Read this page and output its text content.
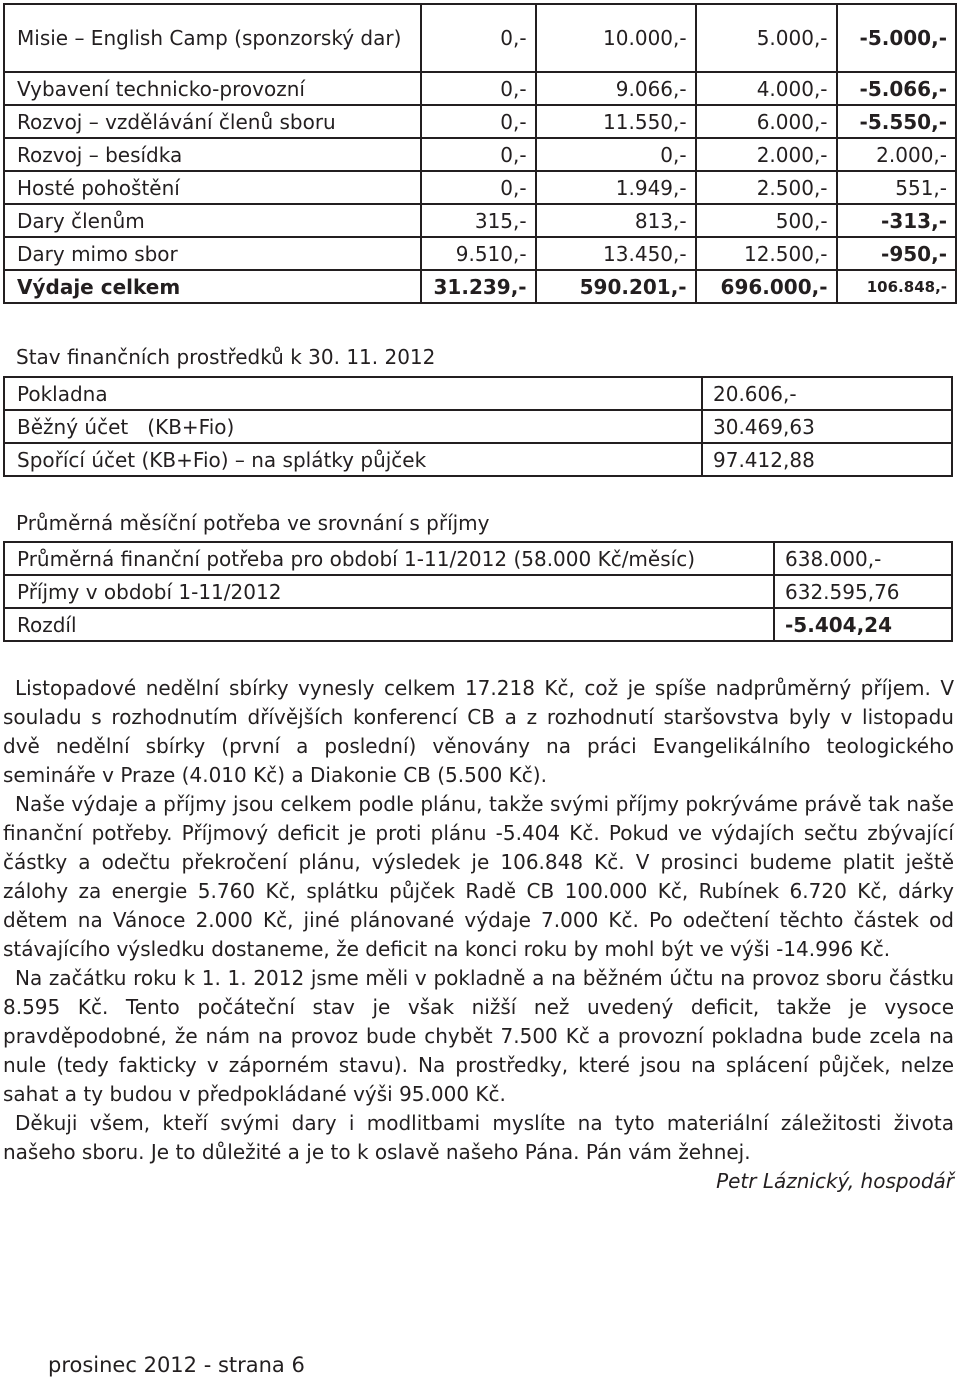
Misie – English Camp (sponzorský dar)	0,-	10.000,-	5.000,-	-5.000,-
Vybavení technicko-provozní	0,-	9.066,-	4.000,-	-5.066,-
Rozvoj – vzdělávání členů sboru	0,-	11.550,-	6.000,-	-5.550,-
Rozvoj – besídka	0,-	0,-	2.000,-	2.000,-
Hosté pohoštění	0,-	1.949,-	2.500,-	551,-
Dary členům	315,-	813,-	500,-	-313,-
Dary mimo sbor	9.510,-	13.450,-	12.500,-	-950,-
Výdaje celkem	31.239,-	590.201,-	696.000,-	106.848,-
Stav finančních prostředků k 30. 11. 2012
Pokladna	20.606,-
Běžný účet   (KB+Fio)	30.469,63
Spořící účet (KB+Fio) – na splátky půjček	97.412,88
Průměrná měsíční potřeba ve srovnání s příjmy
Průměrná finanční potřeba pro období 1-11/2012 (58.000 Kč/měsíc)	638.000,-
Příjmy v období 1-11/2012	632.595,76
Rozdíl	-5.404,24

Listopadové nedělní sbírky vynesly celkem 17.218 Kč, což je spíše nadprůměrný příjem. V souladu s rozhodnutím dřívějších konferencí CB a z rozhodnutí staršovstva byly v listopadu dvě nedělní sbírky (první a poslední) věnovány na práci Evangelikálního teologického semináře v Praze (4.010 Kč) a Diakonie CB (5.500 Kč).

Naše výdaje a příjmy jsou celkem podle plánu, takže svými příjmy pokrýváme právě tak naše finanční potřeby. Příjmový deficit je proti plánu -5.404 Kč. Pokud ve výdajích sečtu zbývající částky a odečtu překročení plánu, výsledek je 106.848 Kč. V prosinci budeme platit ještě zálohy za energie 5.760 Kč, splátku půjček Radě CB 100.000 Kč, Rubínek 6.720 Kč, dárky dětem na Vánoce 2.000 Kč, jiné plánované výdaje 7.000 Kč. Po odečtení těchto částek od stávajícího výsledku dostaneme, že deficit na konci roku by mohl být ve výši -14.996 Kč.

Na začátku roku k 1. 1. 2012 jsme měli v pokladně a na běžném účtu na provoz sboru částku 8.595 Kč. Tento počáteční stav je však nižší než uvedený deficit, takže je vysoce pravděpodobné, že nám na provoz bude chybět 7.500 Kč a provozní pokladna bude zcela na nule (tedy fakticky v záporném stavu). Na prostředky, které jsou na splácení půjček, nelze sahat a ty budou v předpokládané výši 95.000 Kč.

Děkuji všem, kteří svými dary i modlitbami myslíte na tyto materiální záležitosti života našeho sboru. Je to důležité a je to k oslavě našeho Pána. Pán vám žehnej.

Petr Láznický, hospodář

prosinec 2012 - strana 6
